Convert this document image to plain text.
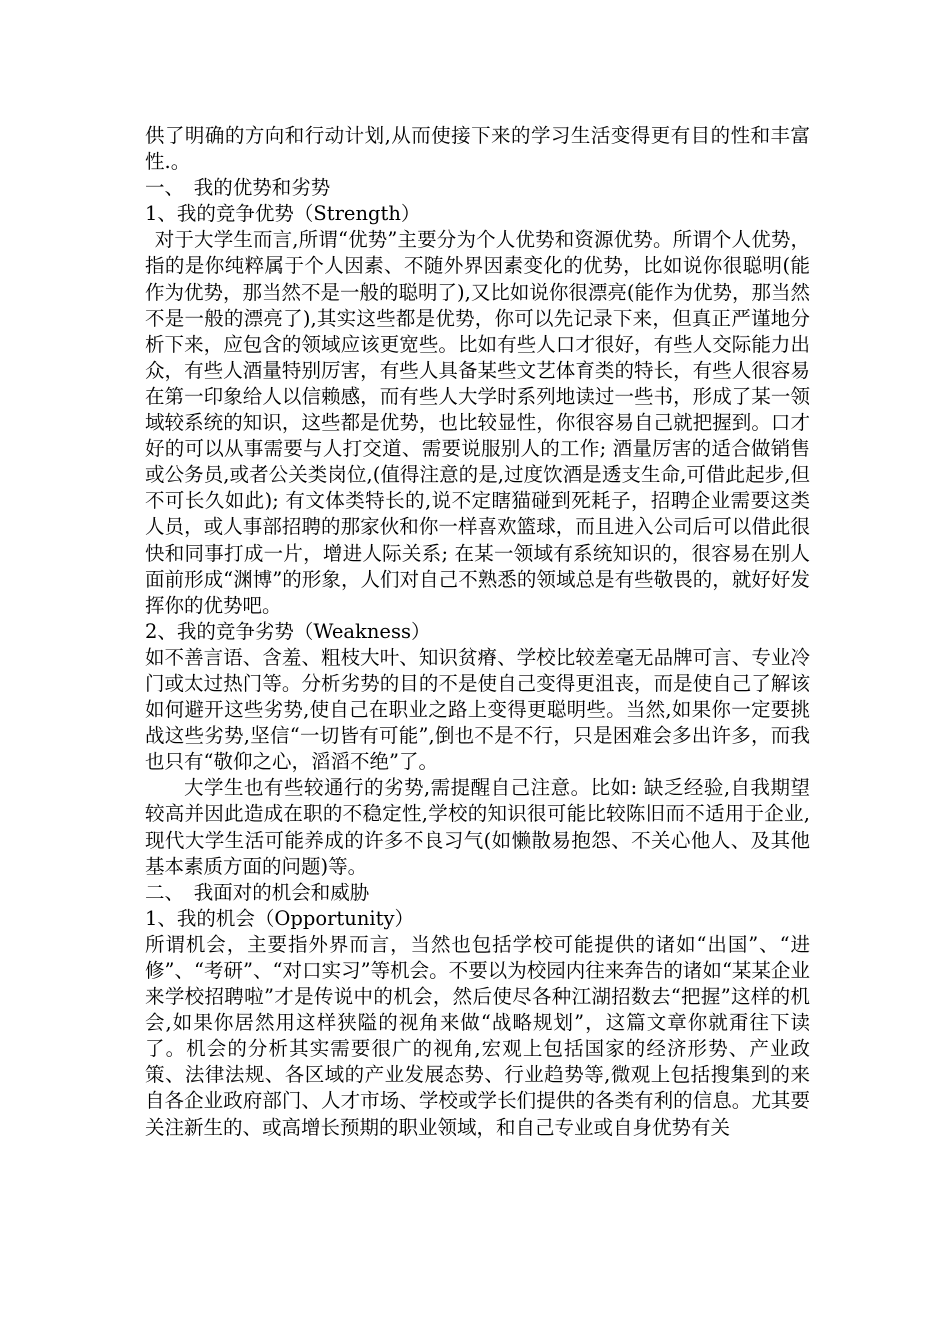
供了明确的方向和行动计划,从而使接下来的学习生活变得更有目的性和丰富性.。

一、　我的优势和劣势

1、我的竞争优势（Strength）

对于大学生而言,所谓“优势”主要分为个人优势和资源优势。所谓个人优势，指的是你纯粹属于个人因素、不随外界因素变化的优势，比如说你很聪明(能作为优势，那当然不是一般的聪明了),又比如说你很漂亮(能作为优势，那当然不是一般的漂亮了),其实这些都是优势，你可以先记录下来，但真正严谨地分析下来，应包含的领域应该更宽些。比如有些人口才很好，有些人交际能力出众，有些人酒量特别厉害，有些人具备某些文艺体育类的特长，有些人很容易在第一印象给人以信赖感，而有些人大学时系列地读过一些书，形成了某一领域较系统的知识，这些都是优势，也比较显性，你很容易自己就把握到。口才好的可以从事需要与人打交道、需要说服别人的工作; 酒量厉害的适合做销售或公务员,或者公关类岗位,(值得注意的是,过度饮酒是透支生命,可借此起步,但不可长久如此); 有文体类特长的,说不定瞎猫碰到死耗子，招聘企业需要这类人员，或人事部招聘的那家伙和你一样喜欢篮球，而且进入公司后可以借此很快和同事打成一片，增进人际关系; 在某一领域有系统知识的，很容易在别人面前形成“渊博”的形象，人们对自己不熟悉的领域总是有些敬畏的，就好好发挥你的优势吧。

2、我的竞争劣势（Weakness）

如不善言语、含羞、粗枝大叶、知识贫瘠、学校比较差毫无品牌可言、专业冷门或太过热门等。分析劣势的目的不是使自己变得更沮丧，而是使自己了解该如何避开这些劣势,使自己在职业之路上变得更聪明些。当然,如果你一定要挑战这些劣势,坚信“一切皆有可能”,倒也不是不行，只是困难会多出许多，而我也只有“敬仰之心，滔滔不绝”了。

大学生也有些较通行的劣势,需提醒自己注意。比如: 缺乏经验,自我期望较高并因此造成在职的不稳定性,学校的知识很可能比较陈旧而不适用于企业,现代大学生活可能养成的许多不良习气(如懒散易抱怨、不关心他人、及其他基本素质方面的问题)等。

二、　我面对的机会和威胁

1、我的机会（Opportunity）

所谓机会，主要指外界而言，当然也包括学校可能提供的诸如“出国”、“进修”、“考研”、“对口实习”等机会。不要以为校园内往来奔告的诸如“某某企业来学校招聘啦”才是传说中的机会，然后使尽各种江湖招数去“把握”这样的机会,如果你居然用这样狭隘的视角来做“战略规划”，这篇文章你就甭往下读了。机会的分析其实需要很广的视角,宏观上包括国家的经济形势、产业政策、法律法规、各区域的产业发展态势、行业趋势等,微观上包括搜集到的来自各企业政府部门、人才市场、学校或学长们提供的各类有利的信息。尤其要关注新生的、或高增长预期的职业领域，和自己专业或自身优势有关
